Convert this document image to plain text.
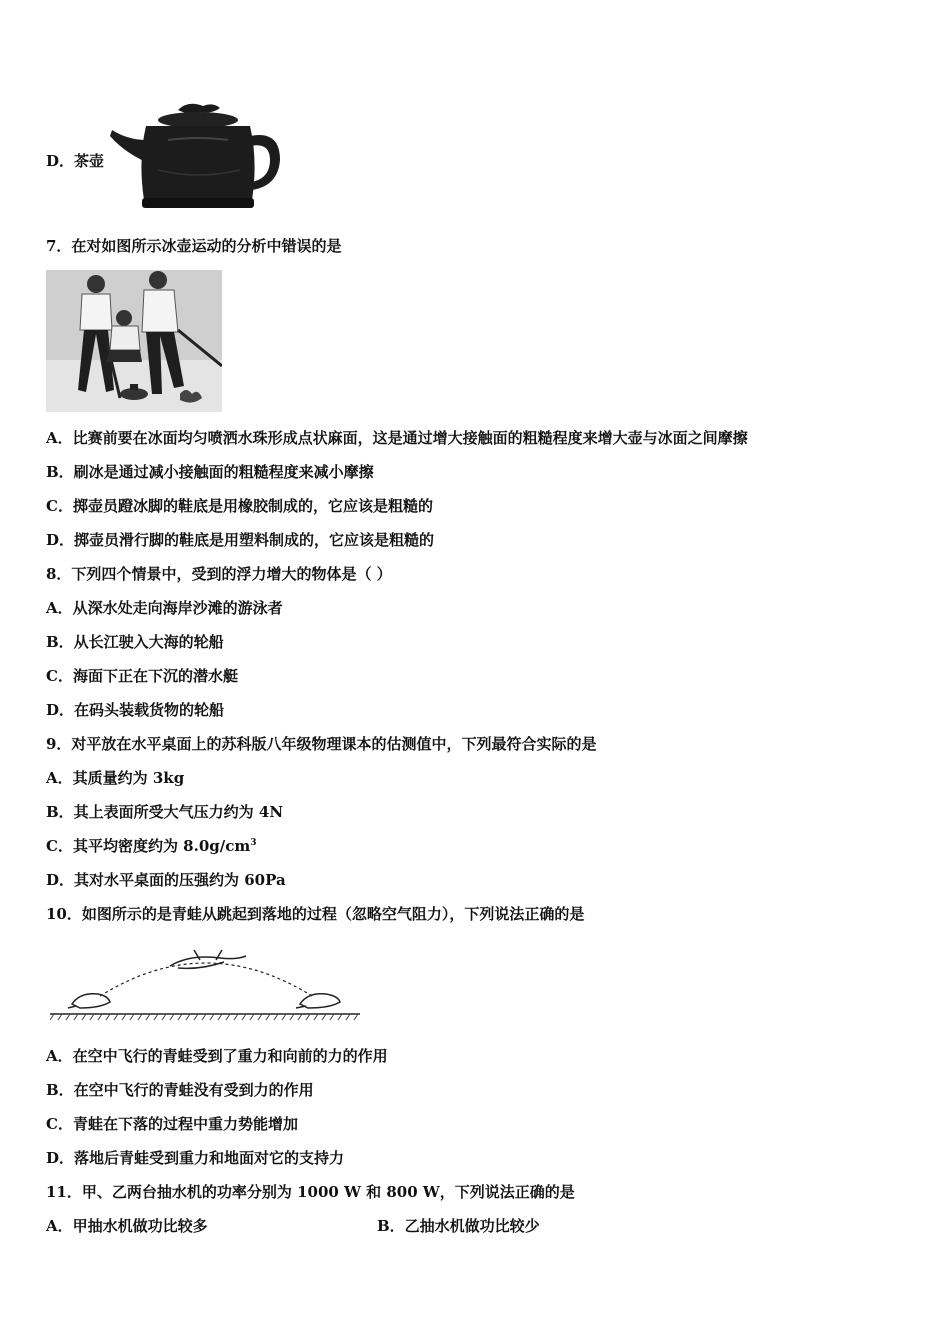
D．茶壶
7．在对如图所示冰壶运动的分析中错误的是
A．比赛前要在冰面均匀喷洒水珠形成点状麻面，这是通过增大接触面的粗糙程度来增大壶与冰面之间摩擦
B．刷冰是通过减小接触面的粗糙程度来减小摩擦
C．掷壶员蹬冰脚的鞋底是用橡胶制成的，它应该是粗糙的
D．掷壶员滑行脚的鞋底是用塑料制成的，它应该是粗糙的
8．下列四个情景中，受到的浮力增大的物体是（ ）
A．从深水处走向海岸沙滩的游泳者
B．从长江驶入大海的轮船
C．海面下正在下沉的潜水艇
D．在码头装载货物的轮船
9．对平放在水平桌面上的苏科版八年级物理课本的估测值中，下列最符合实际的是
A．其质量约为 3kg
B．其上表面所受大气压力约为 4N
C．其平均密度约为 $8.0g/cm^3$
D．其对水平桌面的压强约为 60Pa
10．如图所示的是青蛙从跳起到落地的过程（忽略空气阻力），下列说法正确的是
A．在空中飞行的青蛙受到了重力和向前的力的作用
B．在空中飞行的青蛙没有受到力的作用
C．青蛙在下落的过程中重力势能增加
D．落地后青蛙受到重力和地面对它的支持力
11．甲、乙两台抽水机的功率分别为 1000 W 和 800 W，下列说法正确的是
A．甲抽水机做功比较多	B．乙抽水机做功比较少
